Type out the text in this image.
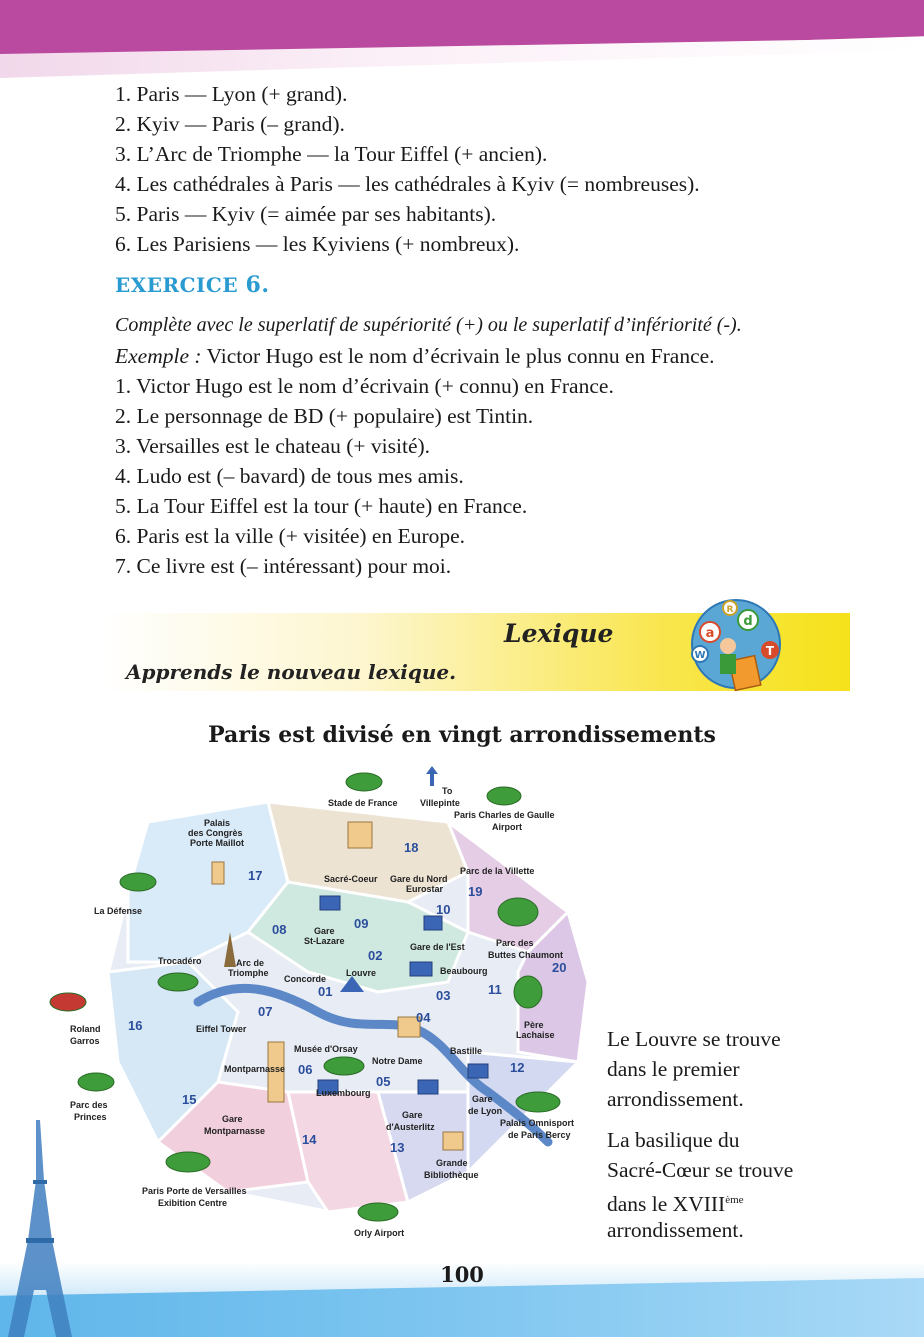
1. Paris — Lyon (+ grand).
2. Kyiv — Paris (– grand).
3. L’Arc de Triomphe — la Tour Eiffel (+ ancien).
4. Les cathédrales à Paris — les cathédrales à Kyiv (= nombreuses).
5. Paris — Kyiv (= aimée par ses habitants).
6. Les Parisiens — les Kyiviens (+ nombreux).
EXERCICE 6.
Complète avec le superlatif de supériorité (+) ou le superlatif d’infériorité (-).
Exemple : Victor Hugo est le nom d’écrivain le plus connu en France.
1. Victor Hugo est le nom d’écrivain (+ connu) en France.
2. Le personnage de BD (+ populaire) est Tintin.
3. Versailles est le chateau (+ visité).
4. Ludo est (– bavard) de tous mes amis.
5. La Tour Eiffel est la tour (+ haute) en France.
6. Paris est la ville (+ visitée) en Europe.
7. Ce livre est (– intéressant) pour moi.
Lexique
Apprends le nouveau lexique.
a
d
R
W	T
Paris est divisé en vingt arrondissements
01
02
03
04
05
06
07
08	09
10
11
12
13
14
15
16
17
18
19
20
Stade de France
To
Villepinte
Paris Charles de Gaulle
Airport
Palais
des Congrès
Porte Maillot
La Défense
Sacré-Coeur Gare du Nord
Eurostar
Parc de la Villette
Gare
St-Lazare
Gare de l'Est	Parc des
Buttes Chaumont
Trocadéro	Arc de
Triomphe
Concorde
Louvre	Beaubourg
Roland
Garros
Eiffel Tower	Père
Lachaise
Musée d'Orsay
Notre Dame
Bastille
Montparnasse
Luxembourg
Parc des
Princes	Gare
Montparnasse
Gare
d'Austerlitz
Gare
de Lyon
Palais Omnisport
de Paris Bercy
Grande
Bibliothèque
Paris Porte de Versailles
Exibition Centre
Orly Airport
Le Louvre se trouve
dans le premier
arrondissement.
La basilique du
Sacré-Cœur se trouve
dans le XVIIIème
arrondissement.
100
